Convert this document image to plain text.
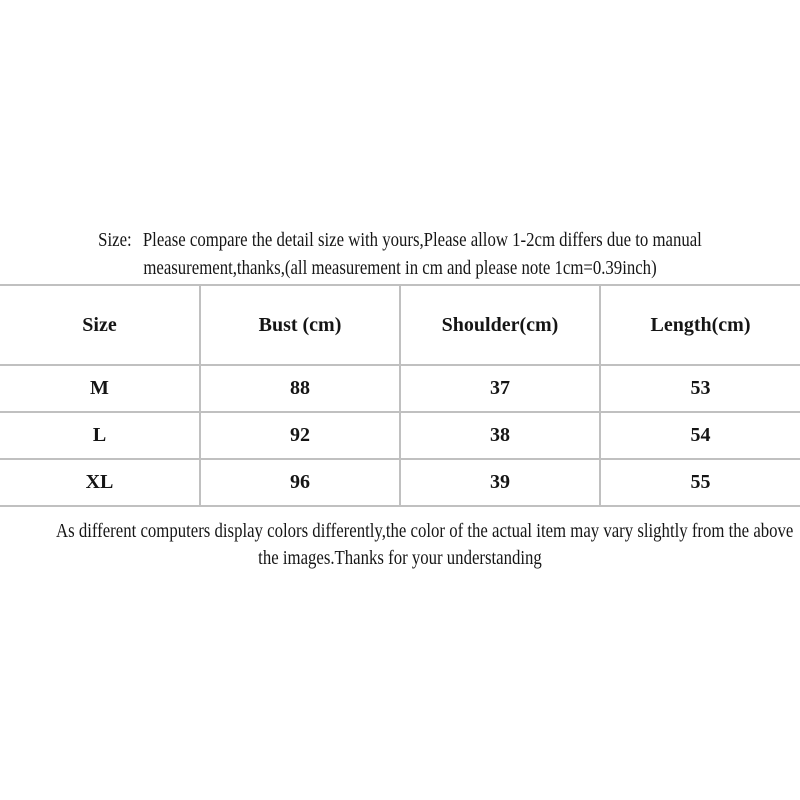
Size: Please compare the detail size with yours,Please allow 1-2cm differs due to manual
measurement,thanks,(all measurement in cm and please note 1cm=0.39inch)
Size	Bust (cm)	Shoulder(cm)	Length(cm)
M	88	37	53
L	92	38	54
XL	96	39	55
As different computers display colors differently,the color of the actual item may vary slightly from the above
the images.Thanks for your understanding
